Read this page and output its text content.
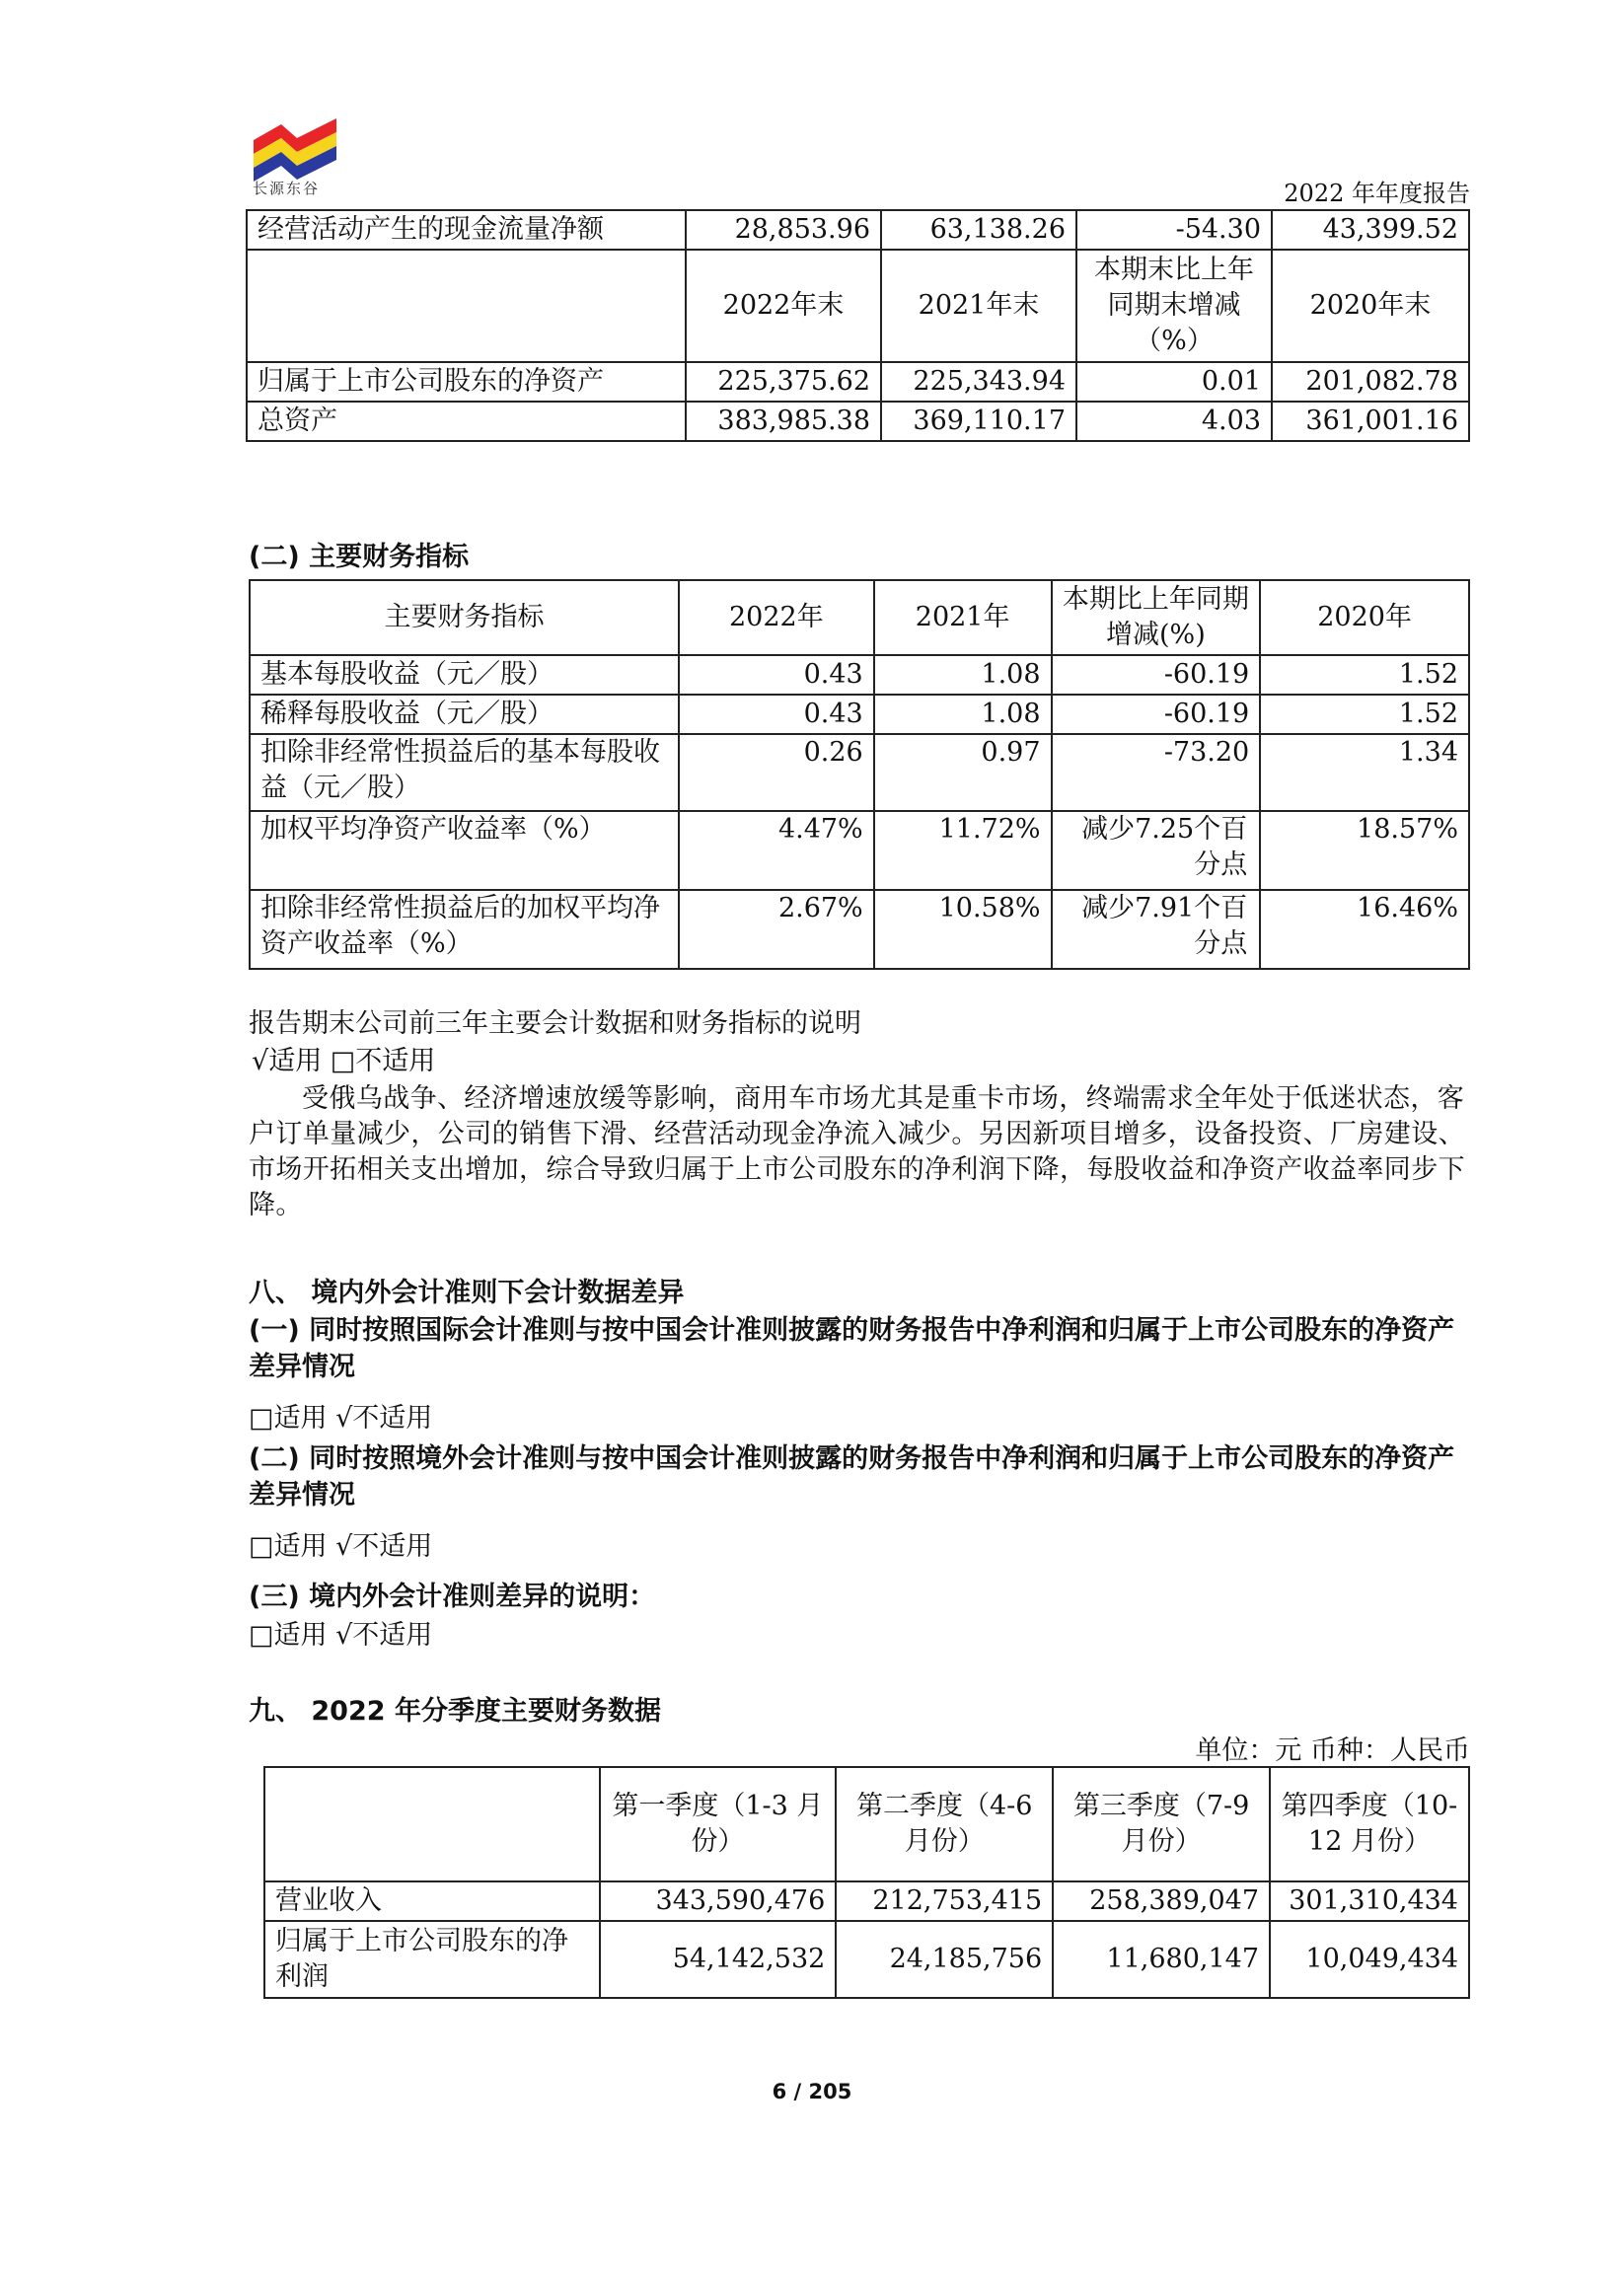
长源东谷	2022 年年度报告
经营活动产生的现金流量净额	28,853.96	63,138.26	-54.30	43,399.52
	2022年末	2021年末	本期末比上年同期末增减（%）	2020年末
归属于上市公司股东的净资产	225,375.62	225,343.94	0.01	201,082.78
总资产	383,985.38	369,110.17	4.03	361,001.16
(二) 主要财务指标
主要财务指标	2022年	2021年	本期比上年同期增减(%)	2020年
基本每股收益（元／股）	0.43	1.08	-60.19	1.52
稀释每股收益（元／股）	0.43	1.08	-60.19	1.52
扣除非经常性损益后的基本每股收益（元／股）	0.26	0.97	-73.20	1.34
加权平均净资产收益率（%）	4.47%	11.72%	减少7.25个百分点	18.57%
扣除非经常性损益后的加权平均净资产收益率（%）	2.67%	10.58%	减少7.91个百分点	16.46%
报告期末公司前三年主要会计数据和财务指标的说明
√适用 □不适用
受俄乌战争、经济增速放缓等影响，商用车市场尤其是重卡市场，终端需求全年处于低迷状态，客户订单量减少，公司的销售下滑、经营活动现金净流入减少。另因新项目增多，设备投资、厂房建设、市场开拓相关支出增加，综合导致归属于上市公司股东的净利润下降，每股收益和净资产收益率同步下降。
八、 境内外会计准则下会计数据差异
(一) 同时按照国际会计准则与按中国会计准则披露的财务报告中净利润和归属于上市公司股东的净资产差异情况
□适用 √不适用
(二) 同时按照境外会计准则与按中国会计准则披露的财务报告中净利润和归属于上市公司股东的净资产差异情况
□适用 √不适用
(三) 境内外会计准则差异的说明：
□适用 √不适用
九、 2022 年分季度主要财务数据
单位：元 币种：人民币
	第一季度（1-3 月份）	第二季度（4-6 月份）	第三季度（7-9 月份）	第四季度（10-12 月份）
营业收入	343,590,476	212,753,415	258,389,047	301,310,434
归属于上市公司股东的净利润	54,142,532	24,185,756	11,680,147	10,049,434
6 / 205
